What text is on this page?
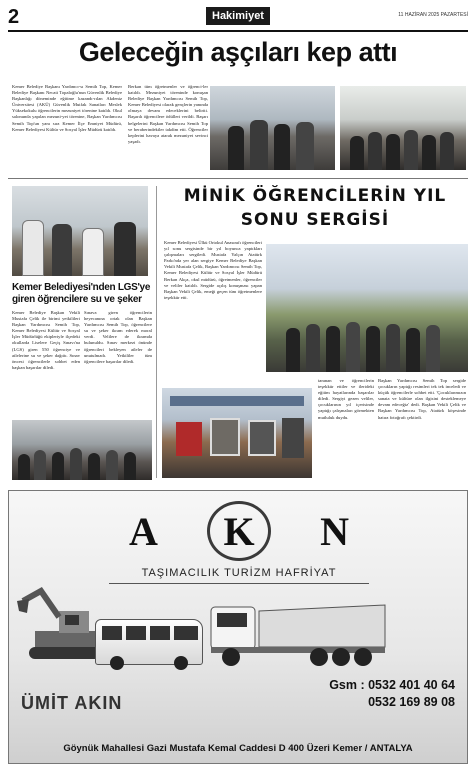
2	Hakimiyet	11 HAZİRAN 2025 PAZARTESİ
Geleceğin aşçıları kep attı
Kemer Belediye Başkanı Yardımcı-sı Semih Top, Kemer Belediye Başkanı Necati Topaloğlu'nun Güvenlik Belediye Başkanlığı döneminde eğitime kazandı-rılan Akdeniz Üniversitesi (AKÜ) Güvenlik Mutfak Sanatları Meslek Yüksekokulu öğrencilerin mezuniyet törenine katıldı. Okul salonunda yapılan mezuni-yet törenine, Başkan Yardımcısı Semih Top'un yanı sıra Kemer İlçe Emniyet Müdürü, Kemer Belediyesi Kültür ve Sosyal İşler Müdürü katıldı.
Berkan tüm öğretmenler ve öğrenci-ler katıldı. Mezuniyet töreninde konuşan Belediye Başkan Yardımcısı Semih Top, Kemer Belediyesi olarak gençlerin yanında olmaya devam edeceklerini belirtti. Başarılı öğrencilere ödülleri verildi. Başarı belgelerini Başkan Yardımcısı Semih Top ve beraberindekiler takdim etti. Öğrenciler keplerini havaya atarak mezuniyet sevinci yaşadı.
Kemer Belediyesi'nden LGS'ye giren öğrencilere su ve şeker
Kemer Belediye Başkan Vekili Mustafa Çelik ile birimi yetkilileri Başkan Yardımcısı Semih Top, Kemer Belediyesi Kültür ve Sosyal İşler Müdürlüğü ekipleriyle ilçedeki okullarda Liselere Geçiş Sınavı'na (LGS) giren 550 öğrenciye ve ailelerine su ve şeker dağıttı. Sınav öncesi öğrencilerle sohbet eden başkan başarılar diledi.
Sınava giren öğrencilerin heyecanına ortak olan Başkan Yardımcısı Semih Top, öğrencilere su ve şeker ikram ederek moral verdi. Velilere de ikramda bulunuldu. Sınav merkezi önünde öğrencileri bekleyen aileler de unutulmadı. Yetkililer tüm öğrencilere başarılar diledi.
MİNİK ÖĞRENCİLERİN YIL SONU SERGİSİ
Kemer Belediyesi Ülkü Ortokul Anasınıfı öğrencileri yıl sonu sergisinde bir yıl boyunca yaptıkları çalışmaları sergiledi. Mustafa Yalçın Atatürk Parkı'nda yer alan sergiye Kemer Belediye Başkan Vekili Mustafa Çelik, Başkan Yardımcısı Semih Top, Kemer Belediyesi Kültür ve Sosyal İşler Müdürü Berkan Akça, okul müdürü, öğretmenler, öğrenciler ve veliler katıldı. Sergide açılış konuşması yapan Başkan Vekili Çelik, emeği geçen tüm öğretmenlere teşekkür etti.
tanınan ve öğrencilerin teşekkür ettiler ve ilerideki eğitim hayatlarında başarılar diledi. Sergiyi gezen veliler, çocuklarının yıl içerisinde yaptığı çalışmaları görmekten mutluluk duydu.
Başkan Yardımcısı Semih Top sergide çocukların yaptığı resimleri tek tek inceledi ve küçük öğrencilerle sohbet etti. 'Çocuklarımızın sanata ve kültüre olan ilgisini desteklemeye devam edeceğiz' dedi. Başkan Vekili Çelik ve Başkan Yardımcısı Top, Atatürk köşesinde hatıra fotoğrafı çektirdi.
A K N
TAŞIMACILIK TURİZM HAFRİYAT
ÜMİT AKIN
Gsm : 0532 401 40 64
0532 169 89 08
Göynük Mahallesi Gazi Mustafa Kemal Caddesi D 400 Üzeri Kemer / ANTALYA
